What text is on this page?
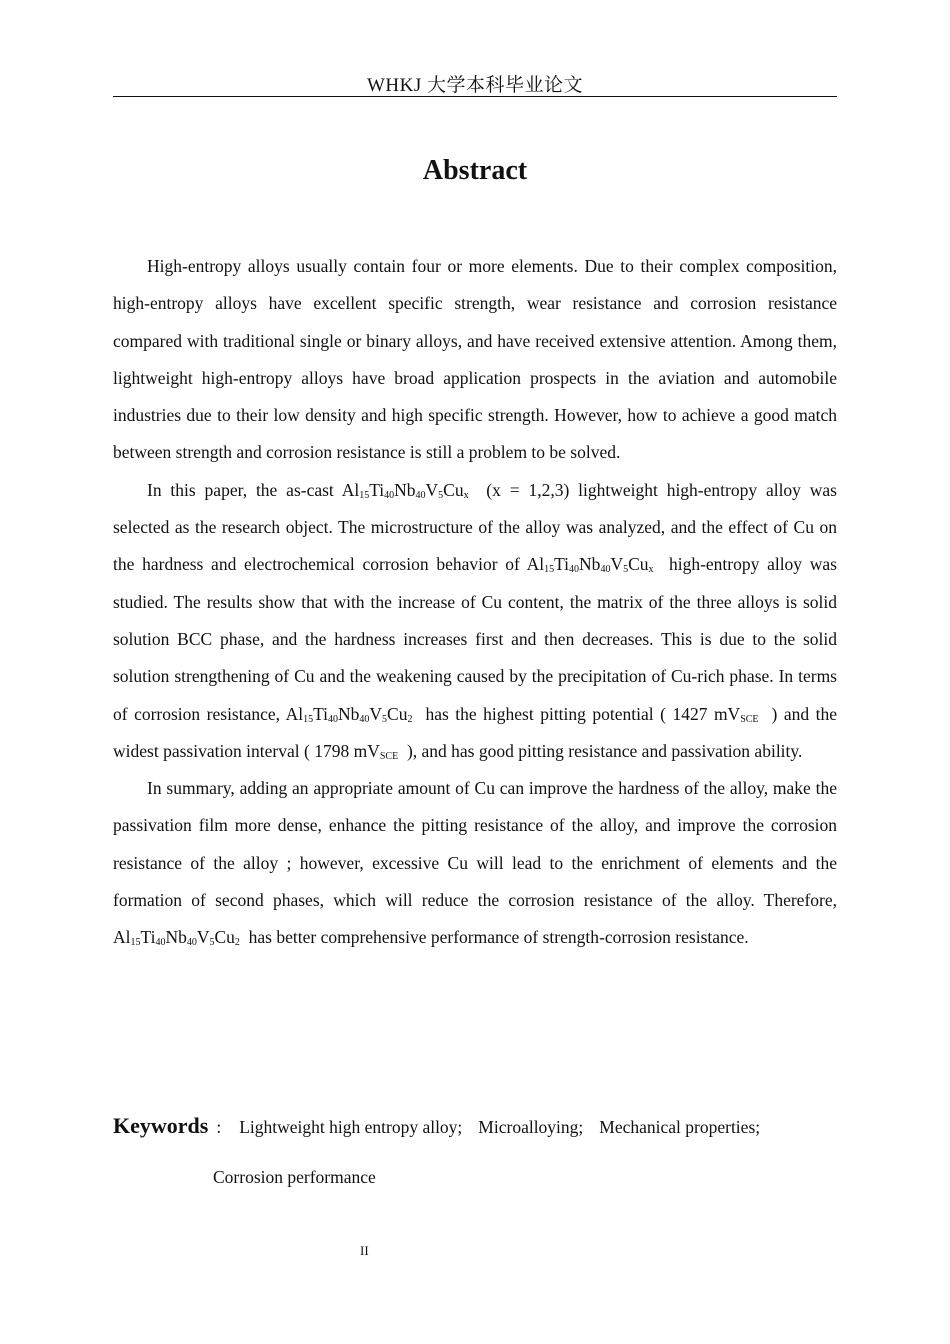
WHKJ 大学本科毕业论文
Abstract

High-entropy alloys usually contain four or more elements. Due to their complex composition, high-entropy alloys have excellent specific strength, wear resistance and corrosion resistance compared with traditional single or binary alloys, and have received extensive attention. Among them, lightweight high-entropy alloys have broad application prospects in the aviation and automobile industries due to their low density and high specific strength. However, how to achieve a good match between strength and corrosion resistance is still a problem to be solved.

In this paper, the as-cast $Al_{15}Ti_{40}Nb_{40}V_5Cu_x$  (x = 1,2,3) lightweight high-entropy alloy was selected as the research object. The microstructure of the alloy was analyzed, and the effect of Cu on the hardness and electrochemical corrosion behavior of $Al_{15}Ti_{40}Nb_{40}V_5Cu_x$  high-entropy alloy was studied. The results show that with the increase of Cu content, the matrix of the three alloys is solid solution BCC phase, and the hardness increases first and then decreases. This is due to the solid solution strengthening of Cu and the weakening caused by the precipitation of Cu-rich phase. In terms of corrosion resistance, $Al_{15}Ti_{40}Nb_{40}V_5Cu_2$  has the highest pitting potential ( 1427 $mV_{SCE}$  ) and the widest passivation interval ( 1798 $mV_{SCE}$  ), and has good pitting resistance and passivation ability.

In summary, adding an appropriate amount of Cu can improve the hardness of the alloy, make the passivation film more dense, enhance the pitting resistance of the alloy, and improve the corrosion resistance of the alloy ; however, excessive Cu will lead to the enrichment of elements and the formation of second phases, which will reduce the corrosion resistance of the alloy. Therefore, $Al_{15}Ti_{40}Nb_{40}V_5Cu_2$  has better comprehensive performance of strength-corrosion resistance.

Keywords : Lightweight high entropy alloy; Microalloying; Mechanical properties;
Corrosion performance
II
